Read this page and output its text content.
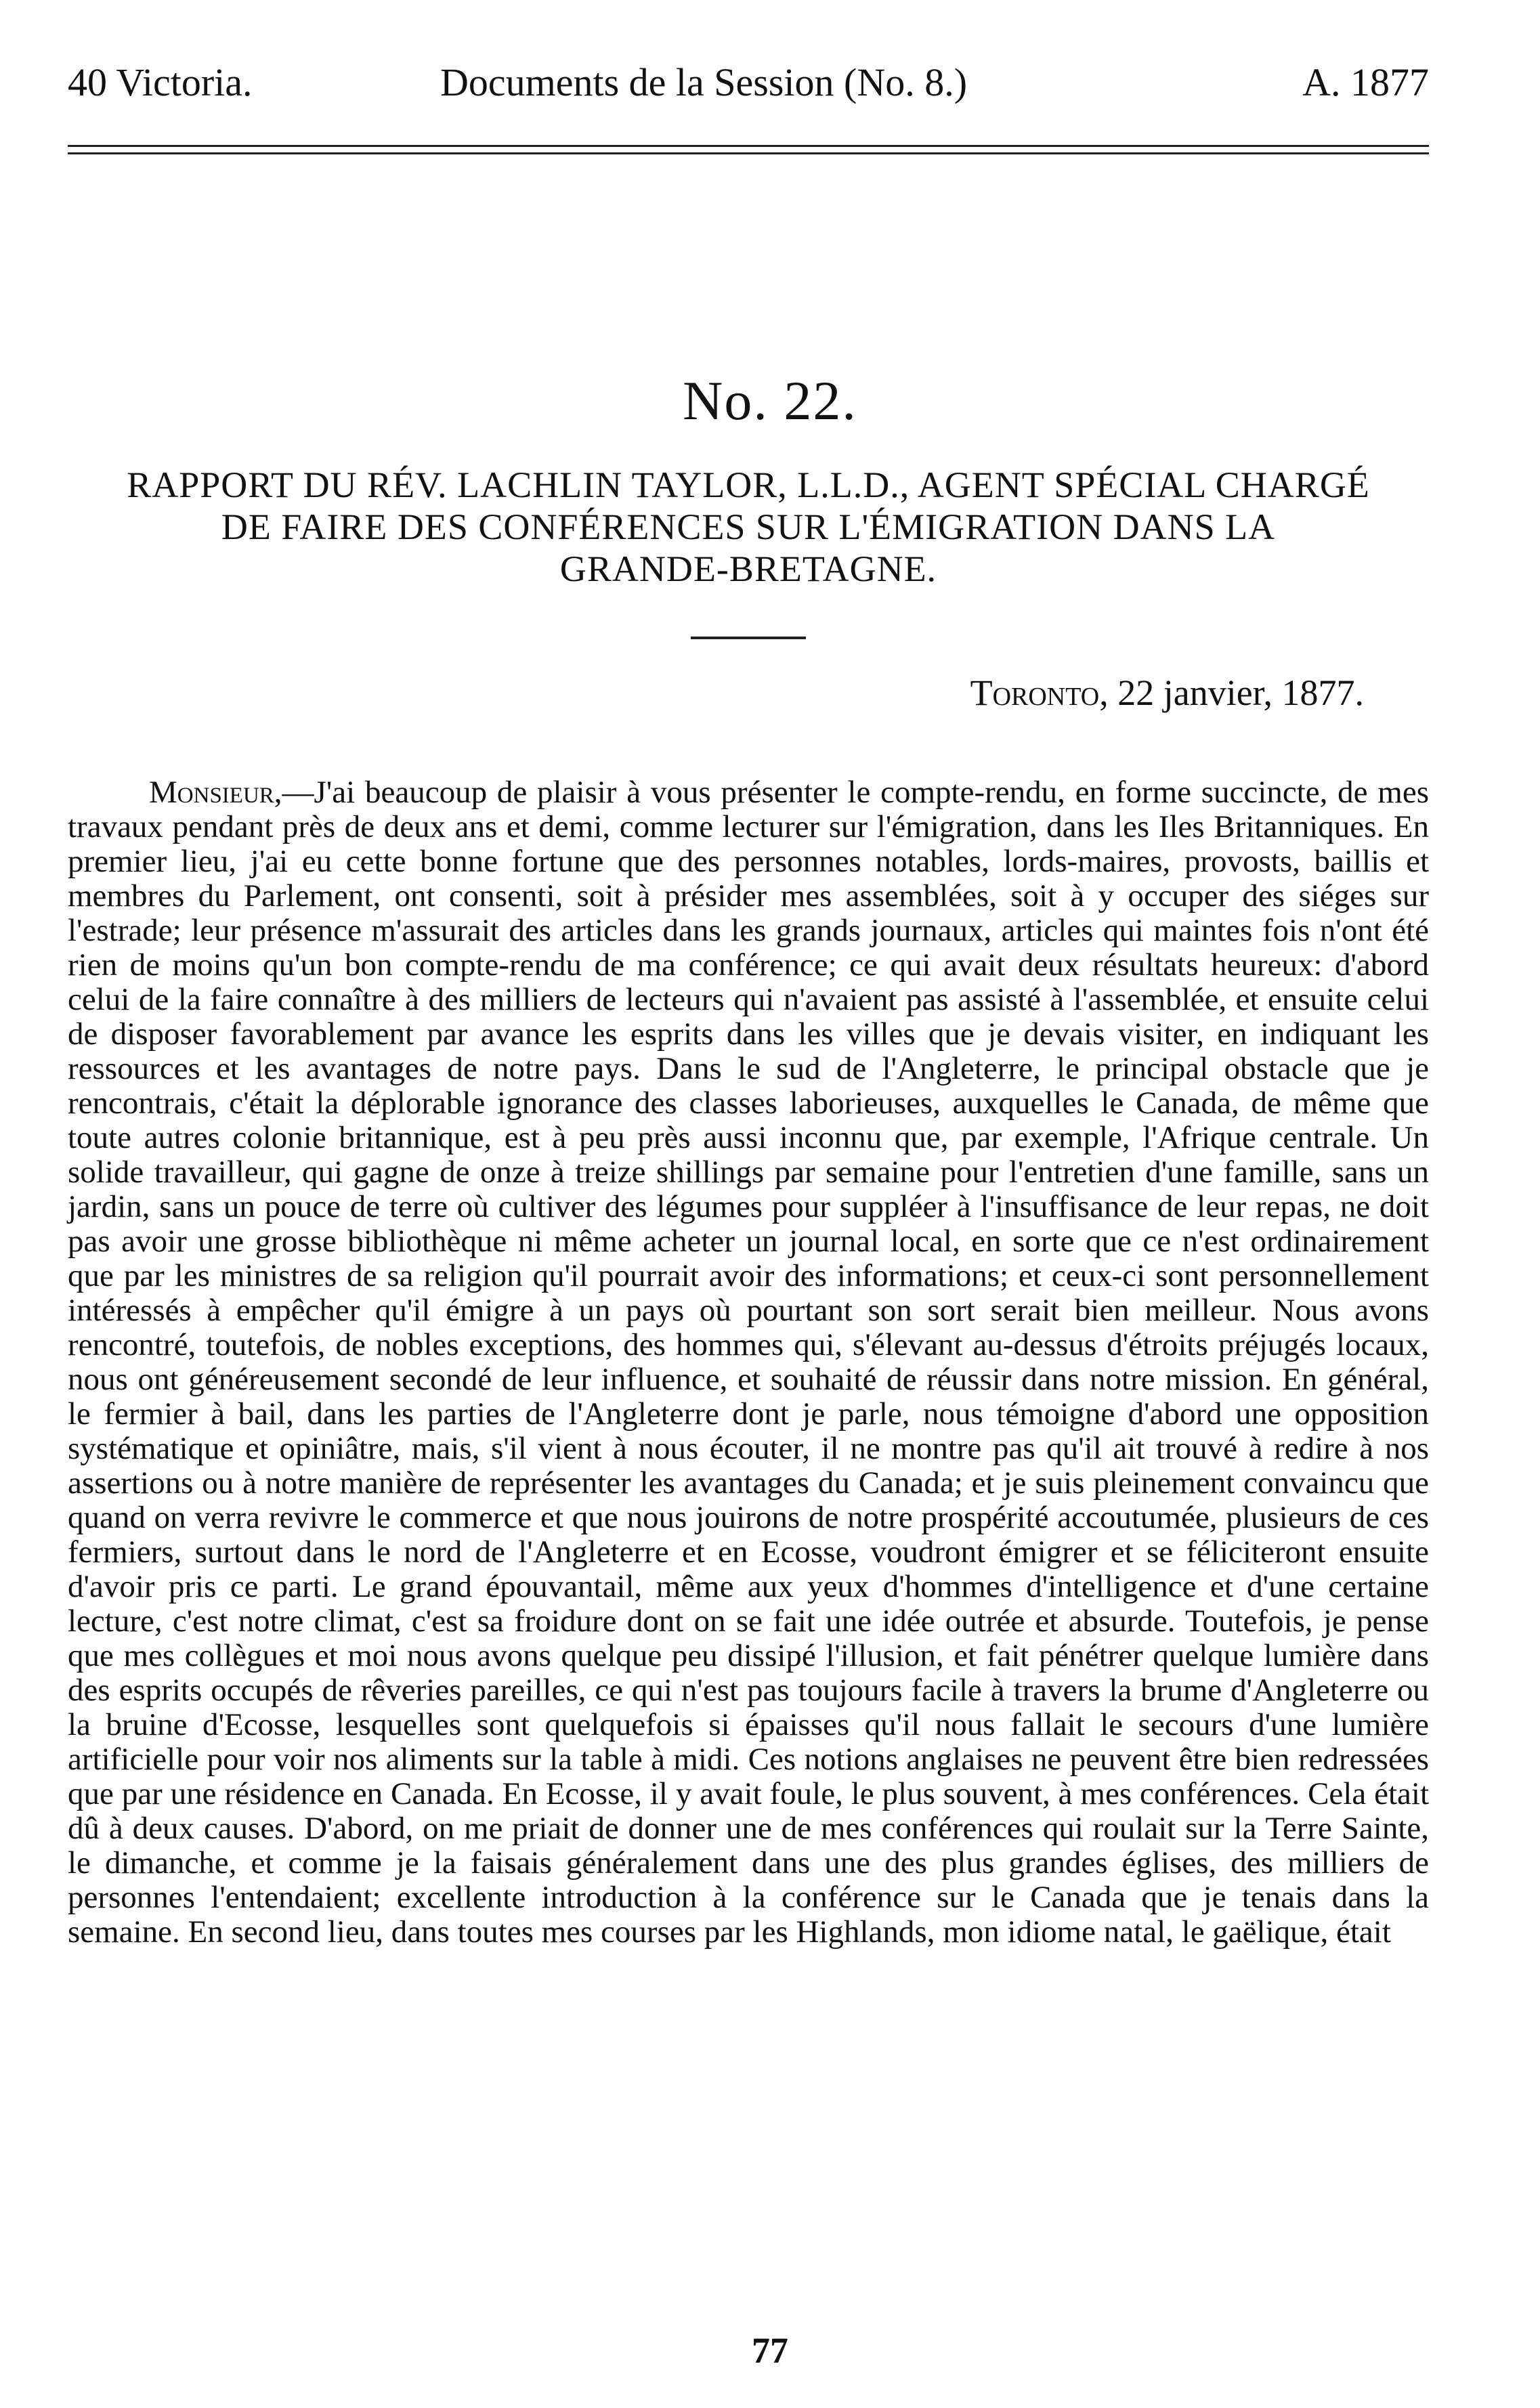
40 Victoria.	Documents de la Session (No. 8.)	A. 1877
No. 22.
RAPPORT DU RÉV. LACHLIN TAYLOR, L.L.D., AGENT SPÉCIAL CHARGÉ
DE FAIRE DES CONFÉRENCES SUR L'ÉMIGRATION DANS LA
GRANDE-BRETAGNE.
Toronto, 22 janvier, 1877.

Monsieur,—J'ai beaucoup de plaisir à vous présenter le compte-rendu, en forme succincte, de mes travaux pendant près de deux ans et demi, comme lecturer sur l'émigration, dans les Iles Britanniques. En premier lieu, j'ai eu cette bonne fortune que des personnes notables, lords-maires, provosts, baillis et membres du Parlement, ont consenti, soit à présider mes assemblées, soit à y occuper des siéges sur l'estrade; leur présence m'assurait des articles dans les grands journaux, articles qui maintes fois n'ont été rien de moins qu'un bon compte-rendu de ma conférence; ce qui avait deux résultats heureux: d'abord celui de la faire connaître à des milliers de lecteurs qui n'avaient pas assisté à l'assemblée, et ensuite celui de disposer favorablement par avance les esprits dans les villes que je devais visiter, en indiquant les ressources et les avantages de notre pays. Dans le sud de l'Angleterre, le principal obstacle que je rencontrais, c'était la déplorable ignorance des classes laborieuses, auxquelles le Canada, de même que toute autres colonie britannique, est à peu près aussi inconnu que, par exemple, l'Afrique centrale. Un solide travailleur, qui gagne de onze à treize shillings par semaine pour l'entretien d'une famille, sans un jardin, sans un pouce de terre où cultiver des légumes pour suppléer à l'insuffisance de leur repas, ne doit pas avoir une grosse bibliothèque ni même acheter un journal local, en sorte que ce n'est ordinairement que par les ministres de sa religion qu'il pourrait avoir des informations; et ceux-ci sont personnellement intéressés à empêcher qu'il émigre à un pays où pourtant son sort serait bien meilleur. Nous avons rencontré, toutefois, de nobles exceptions, des hommes qui, s'élevant au-dessus d'étroits préjugés locaux, nous ont généreusement secondé de leur influence, et souhaité de réussir dans notre mission. En général, le fermier à bail, dans les parties de l'Angleterre dont je parle, nous témoigne d'abord une opposition systématique et opiniâtre, mais, s'il vient à nous écouter, il ne montre pas qu'il ait trouvé à redire à nos assertions ou à notre manière de représenter les avantages du Canada; et je suis pleinement convaincu que quand on verra revivre le commerce et que nous jouirons de notre prospérité accoutumée, plusieurs de ces fermiers, surtout dans le nord de l'Angleterre et en Ecosse, voudront émigrer et se féliciteront ensuite d'avoir pris ce parti. Le grand épouvantail, même aux yeux d'hommes d'intelligence et d'une certaine lecture, c'est notre climat, c'est sa froidure dont on se fait une idée outrée et absurde. Toutefois, je pense que mes collègues et moi nous avons quelque peu dissipé l'illusion, et fait pénétrer quelque lumière dans des esprits occupés de rêveries pareilles, ce qui n'est pas toujours facile à travers la brume d'Angleterre ou la bruine d'Ecosse, lesquelles sont quelquefois si épaisses qu'il nous fallait le secours d'une lumière artificielle pour voir nos aliments sur la table à midi. Ces notions anglaises ne peuvent être bien redressées que par une résidence en Canada. En Ecosse, il y avait foule, le plus souvent, à mes conférences. Cela était dû à deux causes. D'abord, on me priait de donner une de mes conférences qui roulait sur la Terre Sainte, le dimanche, et comme je la faisais généralement dans une des plus grandes églises, des milliers de personnes l'entendaient; excellente introduction à la conférence sur le Canada que je tenais dans la semaine. En second lieu, dans toutes mes courses par les Highlands, mon idiome natal, le gaëlique, était

77
